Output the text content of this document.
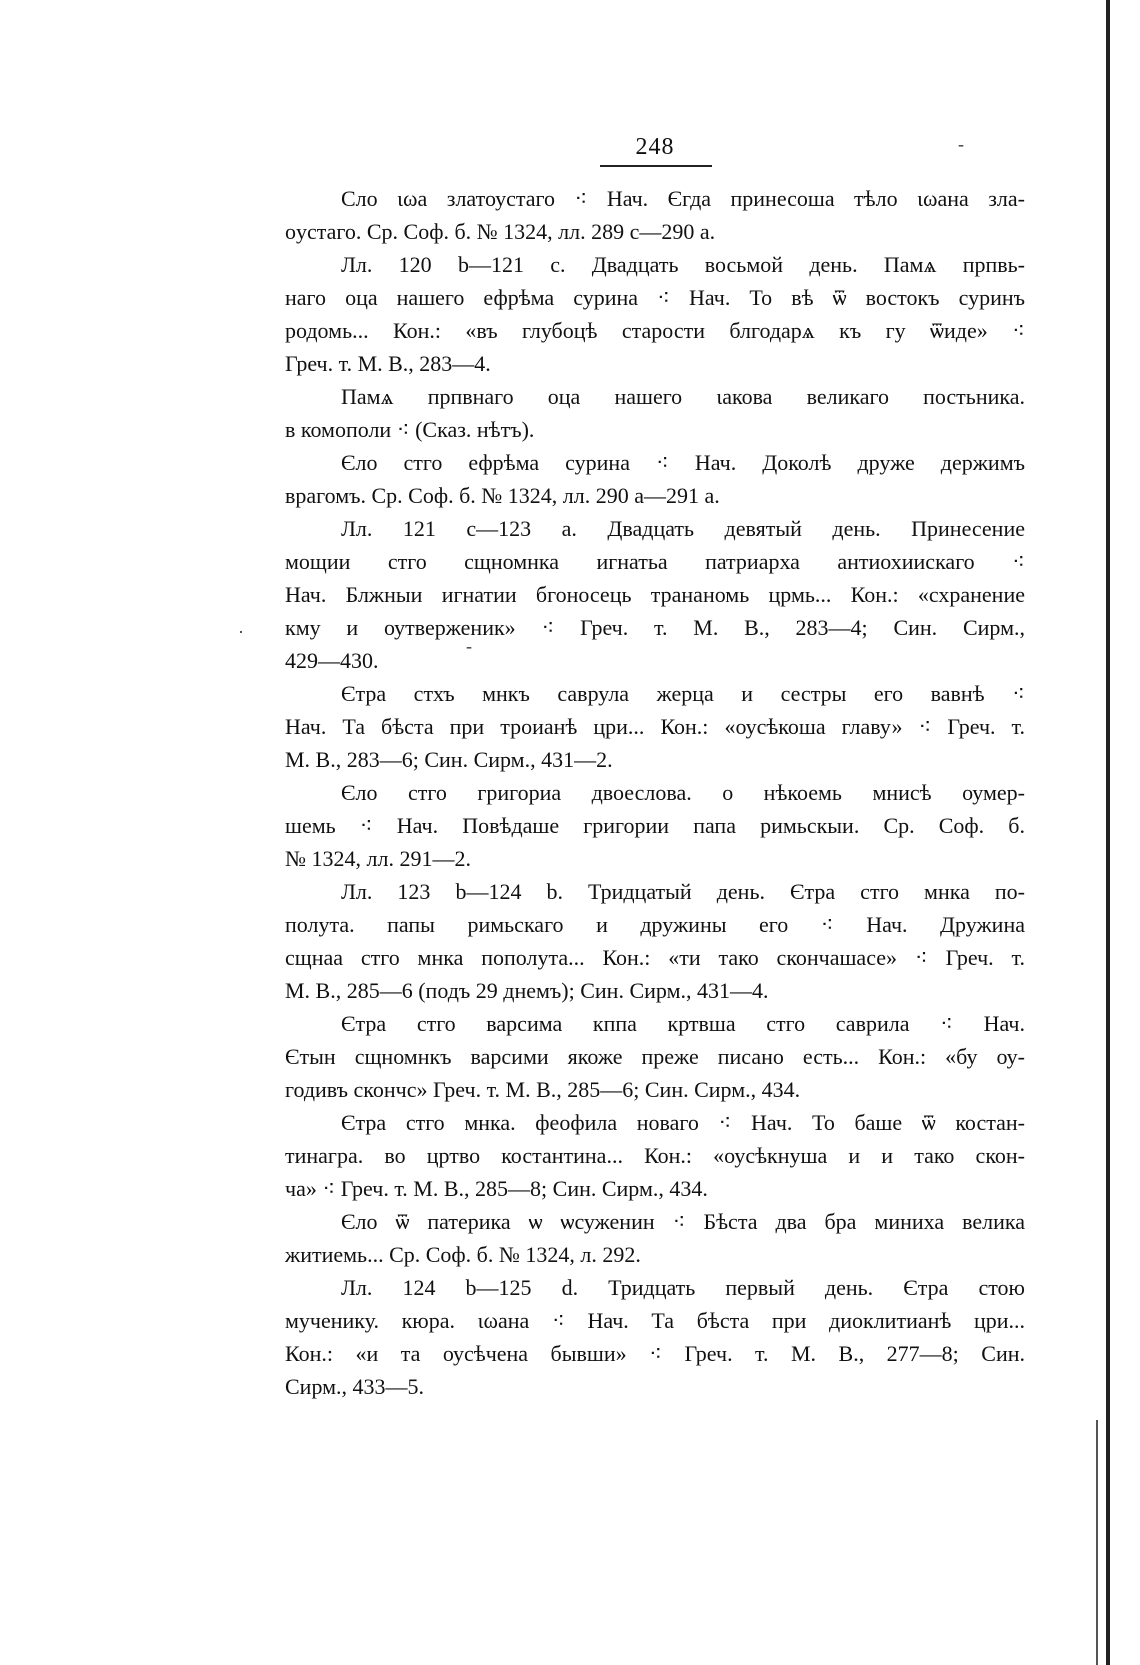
248	-
-
·
Сло ιωа златоустаго ⁖ Нач. Єгда принесоша тѣло ιωана зла-
oустаго. Ср. Соф. б. № 1324, лл. 289 с—290 а.
Лл. 120 b—121 с. Двадцать восьмой день. Памѧ прпвь-
наго оца нашего ефрѣма сурина ⁖ Нач. То вѣ ѿ востокъ суринъ
родомь... Кон.: «въ глубоцѣ старости блгодарѧ къ гу ѿиде» ⁖
Греч. т. М. В., 283—4.
Памѧ прпвнаго оца нашего ιакова великаго постьника.
в комополи ⁖ (Сказ. нѣтъ).
Єло стго ефрѣма сурина ⁖ Нач. Доколѣ друже держимъ
врагомъ. Ср. Соф. б. № 1324, лл. 290 а—291 а.
Лл. 121 с—123 а. Двадцать девятый день. Принесение
мощии стго сщномнка игнатьa патриарха антиохиискаго ⁖
Нач. Блжныи игнатии бгоносець трананомь црмь... Кон.: «схранение
кму и оутверженик» ⁖ Греч. т. М. В., 283—4; Син. Сирм.,
429—430.
Єтра стхъ мнкъ саврула жерца и сестры его вавнѣ ⁖
Нач. Та бѣста при троианѣ цри... Кон.: «оусѣкоша главу» ⁖ Греч. т.
М. В., 283—6; Син. Сирм., 431—2.
Єло стго григориа двоеслова. о нѣкоемь мнисѣ оумер-
шемь ⁖ Нач. Повѣдаше григории папа римьскыи. Ср. Соф. б.
№ 1324, лл. 291—2.
Лл. 123 b—124 b. Тридцатый день. Єтра стго мнка по-
полута. папы римьскаго и дружины его ⁖ Нач. Дружина
сщнаа стго мнка пополута... Кон.: «ти тако скончашасе» ⁖ Греч. т.
М. В., 285—6 (подъ 29 днемъ); Син. Сирм., 431—4.
Єтра стго варсима кппа кртвша стго саврила ⁖ Нач.
Єтын сщномнкъ варсими якоже преже писано есть... Кон.: «бу оу-
годивъ скончс» Греч. т. М. В., 285—6; Син. Сирм., 434.
Єтра стго мнка. феофила новаго ⁖ Нач. То баше ѿ костан-
тинагра. во цртво костантина... Кон.: «оусѣкнуша и и тако скон-
ча» ⁖ Греч. т. М. В., 285—8; Син. Сирм., 434.
Єло ѿ патерика ѡ ѡсуженин ⁖ Бѣста два бра миниха велика
житиемь... Ср. Соф. б. № 1324, л. 292.
Лл. 124 b—125 d. Тридцать первый день. Єтра стою
мученику. кюра. ιωана ⁖ Нач. Та бѣста при диоклитианѣ цри...
Кон.: «и та оусѣчена бывши» ⁖ Греч. т. М. В., 277—8; Син.
Сирм., 433—5.
